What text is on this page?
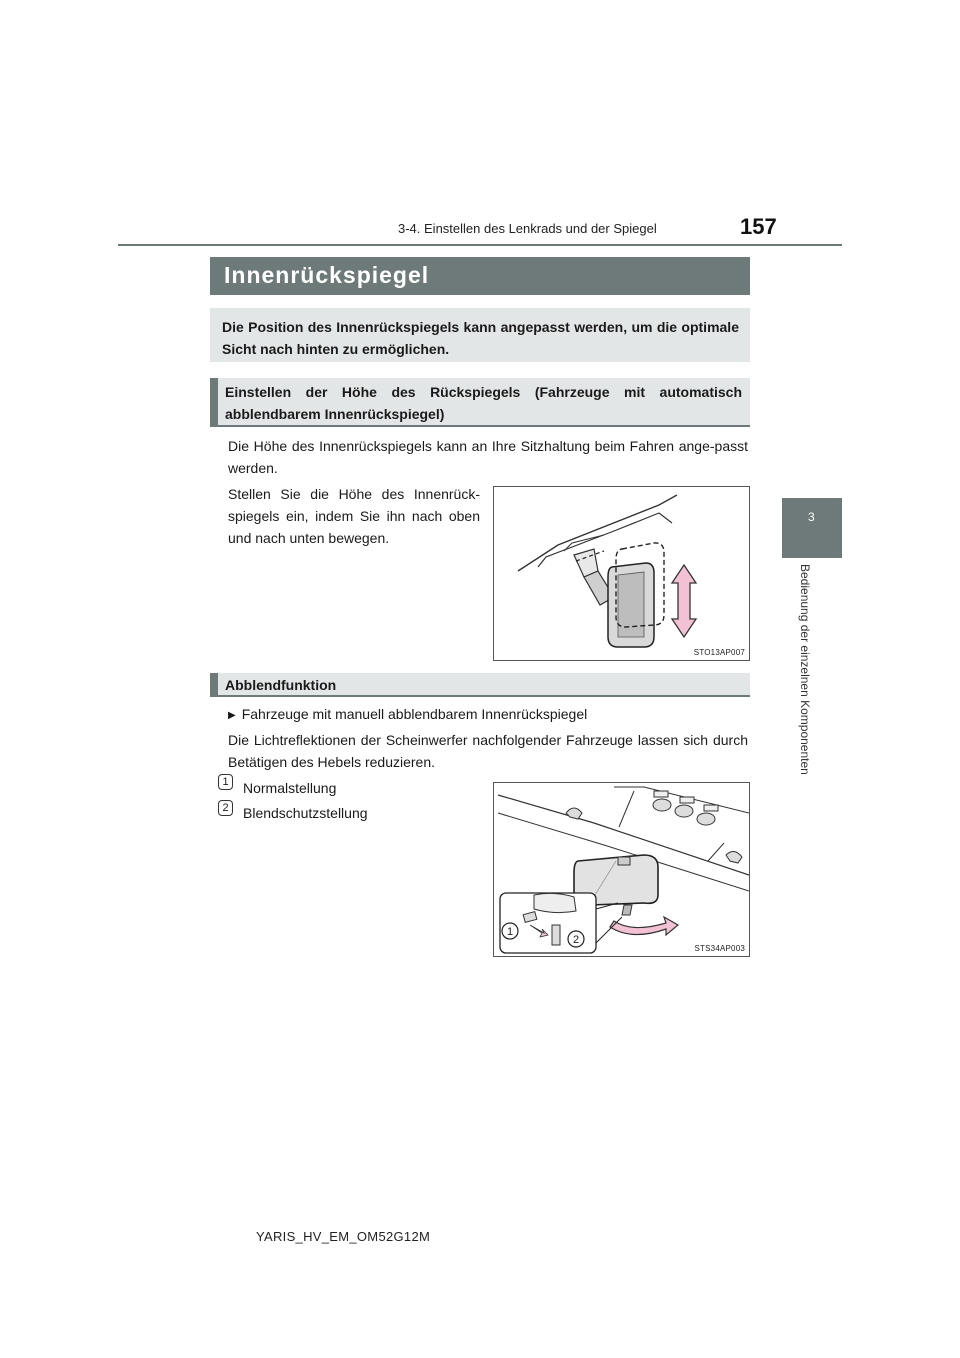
3-4. Einstellen des Lenkrads und der Spiegel	157
Bedienung der einzelnen Komponenten
3
Innenrückspiegel
Die Position des Innenrückspiegels kann angepasst werden, um die optimale Sicht nach hinten zu ermöglichen.
Einstellen der Höhe des Rückspiegels (Fahrzeuge mit automatisch abblendbarem Innenrückspiegel)
Die Höhe des Innenrückspiegels kann an Ihre Sitzhaltung beim Fahren ange-passt werden.
Stellen Sie die Höhe des Innenrück-spiegels ein, indem Sie ihn nach oben und nach unten bewegen.
STO13AP007
Abblendfunktion
▶ Fahrzeuge mit manuell abblendbarem Innenrückspiegel
Die Lichtreflektionen der Scheinwerfer nachfolgender Fahrzeuge lassen sich durch Betätigen des Hebels reduzieren.
1	Normalstellung
2	Blendschutzstellung
1
2
STS34AP003
YARIS_HV_EM_OM52G12M
